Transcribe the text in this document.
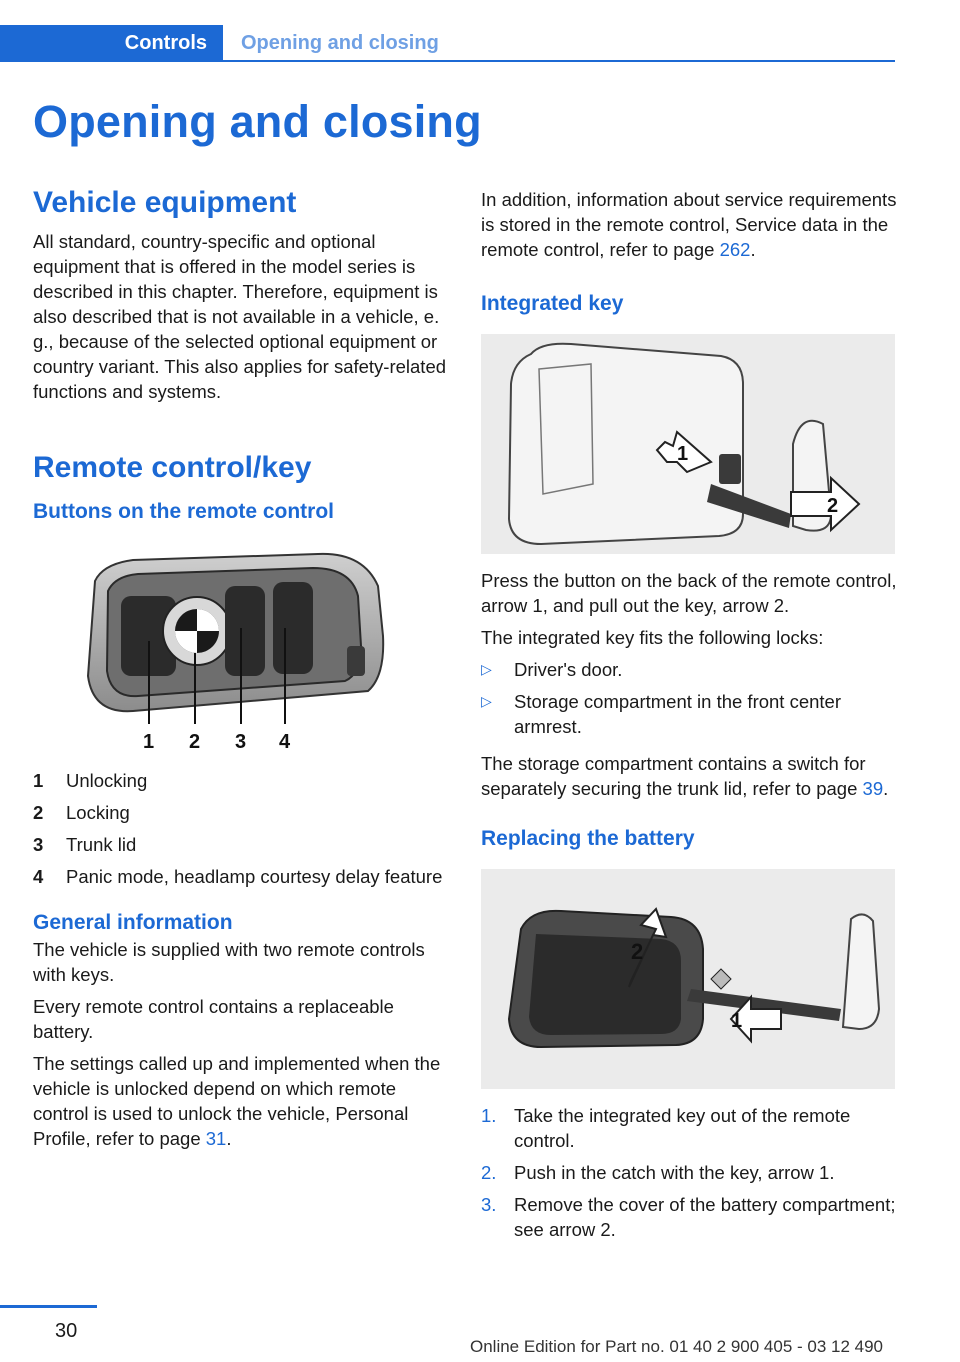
Controls	Opening and closing
Opening and closing
Vehicle equipment

All standard, country-specific and optional equipment that is offered in the model series is described in this chapter. Therefore, equipment is also described that is not available in a vehicle, e. g., because of the selected optional equipment or country variant. This also applies for safety-related functions and systems.

Remote control/key
Buttons on the remote control
1 2 3 4
1	Unlocking
2	Locking
3	Trunk lid
4	Panic mode, headlamp courtesy delay feature
General information

The vehicle is supplied with two remote controls with keys.

Every remote control contains a replaceable battery.

The settings called up and implemented when the vehicle is unlocked depend on which remote control is used to unlock the vehicle, Personal Profile, refer to page 31.

In addition, information about service requirements is stored in the remote control, Service data in the remote control, refer to page 262.

Integrated key
1
2

Press the button on the back of the remote control, arrow 1, and pull out the key, arrow 2.

The integrated key fits the following locks:

▷	Driver's door.
▷	Storage compartment in the front center armrest.

The storage compartment contains a switch for separately securing the trunk lid, refer to page 39.

Replacing the battery
2
1
1. Take the integrated key out of the remote control.
2. Push in the catch with the key, arrow 1.
3. Remove the cover of the battery compartment; see arrow 2.
30
Online Edition for Part no. 01 40 2 900 405 - 03 12 490
